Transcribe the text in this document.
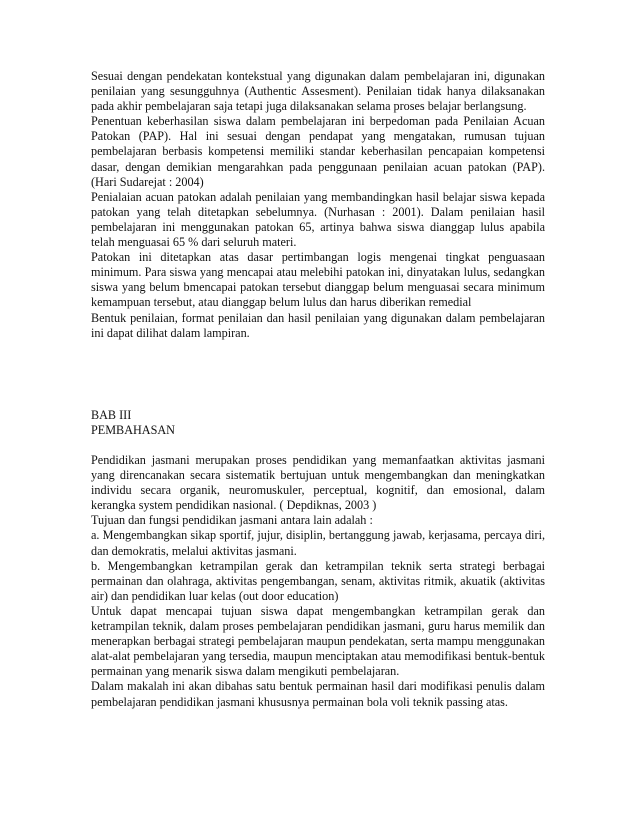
Sesuai dengan pendekatan kontekstual yang digunakan dalam pembelajaran ini, digunakan penilaian yang sesungguhnya (Authentic Assesment). Penilaian tidak hanya dilaksanakan pada akhir pembelajaran saja tetapi juga dilaksanakan selama proses belajar berlangsung.

Penentuan keberhasilan siswa dalam pembelajaran ini berpedoman pada Penilaian Acuan Patokan (PAP). Hal ini sesuai dengan pendapat yang mengatakan, rumusan tujuan pembelajaran berbasis kompetensi memiliki standar keberhasilan pencapaian kompetensi dasar, dengan demikian mengarahkan pada penggunaan penilaian acuan patokan (PAP). (Hari Sudarejat : 2004)

Penialaian acuan patokan adalah penilaian yang membandingkan hasil belajar siswa kepada patokan yang telah ditetapkan sebelumnya. (Nurhasan : 2001). Dalam penilaian hasil pembelajaran ini menggunakan patokan 65, artinya bahwa siswa dianggap lulus apabila telah menguasai 65 % dari seluruh materi.

Patokan ini ditetapkan atas dasar pertimbangan logis mengenai tingkat penguasaan minimum. Para siswa yang mencapai atau melebihi patokan ini, dinyatakan lulus, sedangkan siswa yang belum bmencapai patokan tersebut dianggap belum menguasai secara minimum kemampuan tersebut, atau dianggap belum lulus dan harus diberikan remedial

Bentuk penilaian, format penilaian dan hasil penilaian yang digunakan dalam pembelajaran ini dapat dilihat dalam lampiran.

BAB III

PEMBAHASAN

Pendidikan jasmani merupakan proses pendidikan yang memanfaatkan aktivitas jasmani yang direncanakan secara sistematik bertujuan untuk mengembangkan dan meningkatkan individu secara organik, neuromuskuler, perceptual, kognitif, dan emosional, dalam kerangka system pendidikan nasional. ( Depdiknas, 2003 )

Tujuan dan fungsi pendidikan jasmani antara lain adalah :

a. Mengembangkan sikap sportif, jujur, disiplin, bertanggung jawab, kerjasama, percaya diri, dan demokratis, melalui aktivitas jasmani.

b. Mengembangkan ketrampilan gerak dan ketrampilan teknik serta strategi berbagai permainan dan olahraga, aktivitas pengembangan, senam, aktivitas ritmik, akuatik (aktivitas air) dan pendidikan luar kelas (out door education)

Untuk dapat mencapai tujuan siswa dapat mengembangkan ketrampilan gerak dan ketrampilan teknik, dalam proses pembelajaran pendidikan jasmani, guru harus memilik dan menerapkan berbagai strategi pembelajaran maupun pendekatan, serta mampu menggunakan alat-alat pembelajaran yang tersedia, maupun menciptakan atau memodifikasi bentuk-bentuk permainan yang menarik siswa dalam mengikuti pembelajaran.

Dalam makalah ini akan dibahas satu bentuk permainan hasil dari modifikasi penulis dalam pembelajaran pendidikan jasmani khususnya permainan bola voli teknik passing atas.
